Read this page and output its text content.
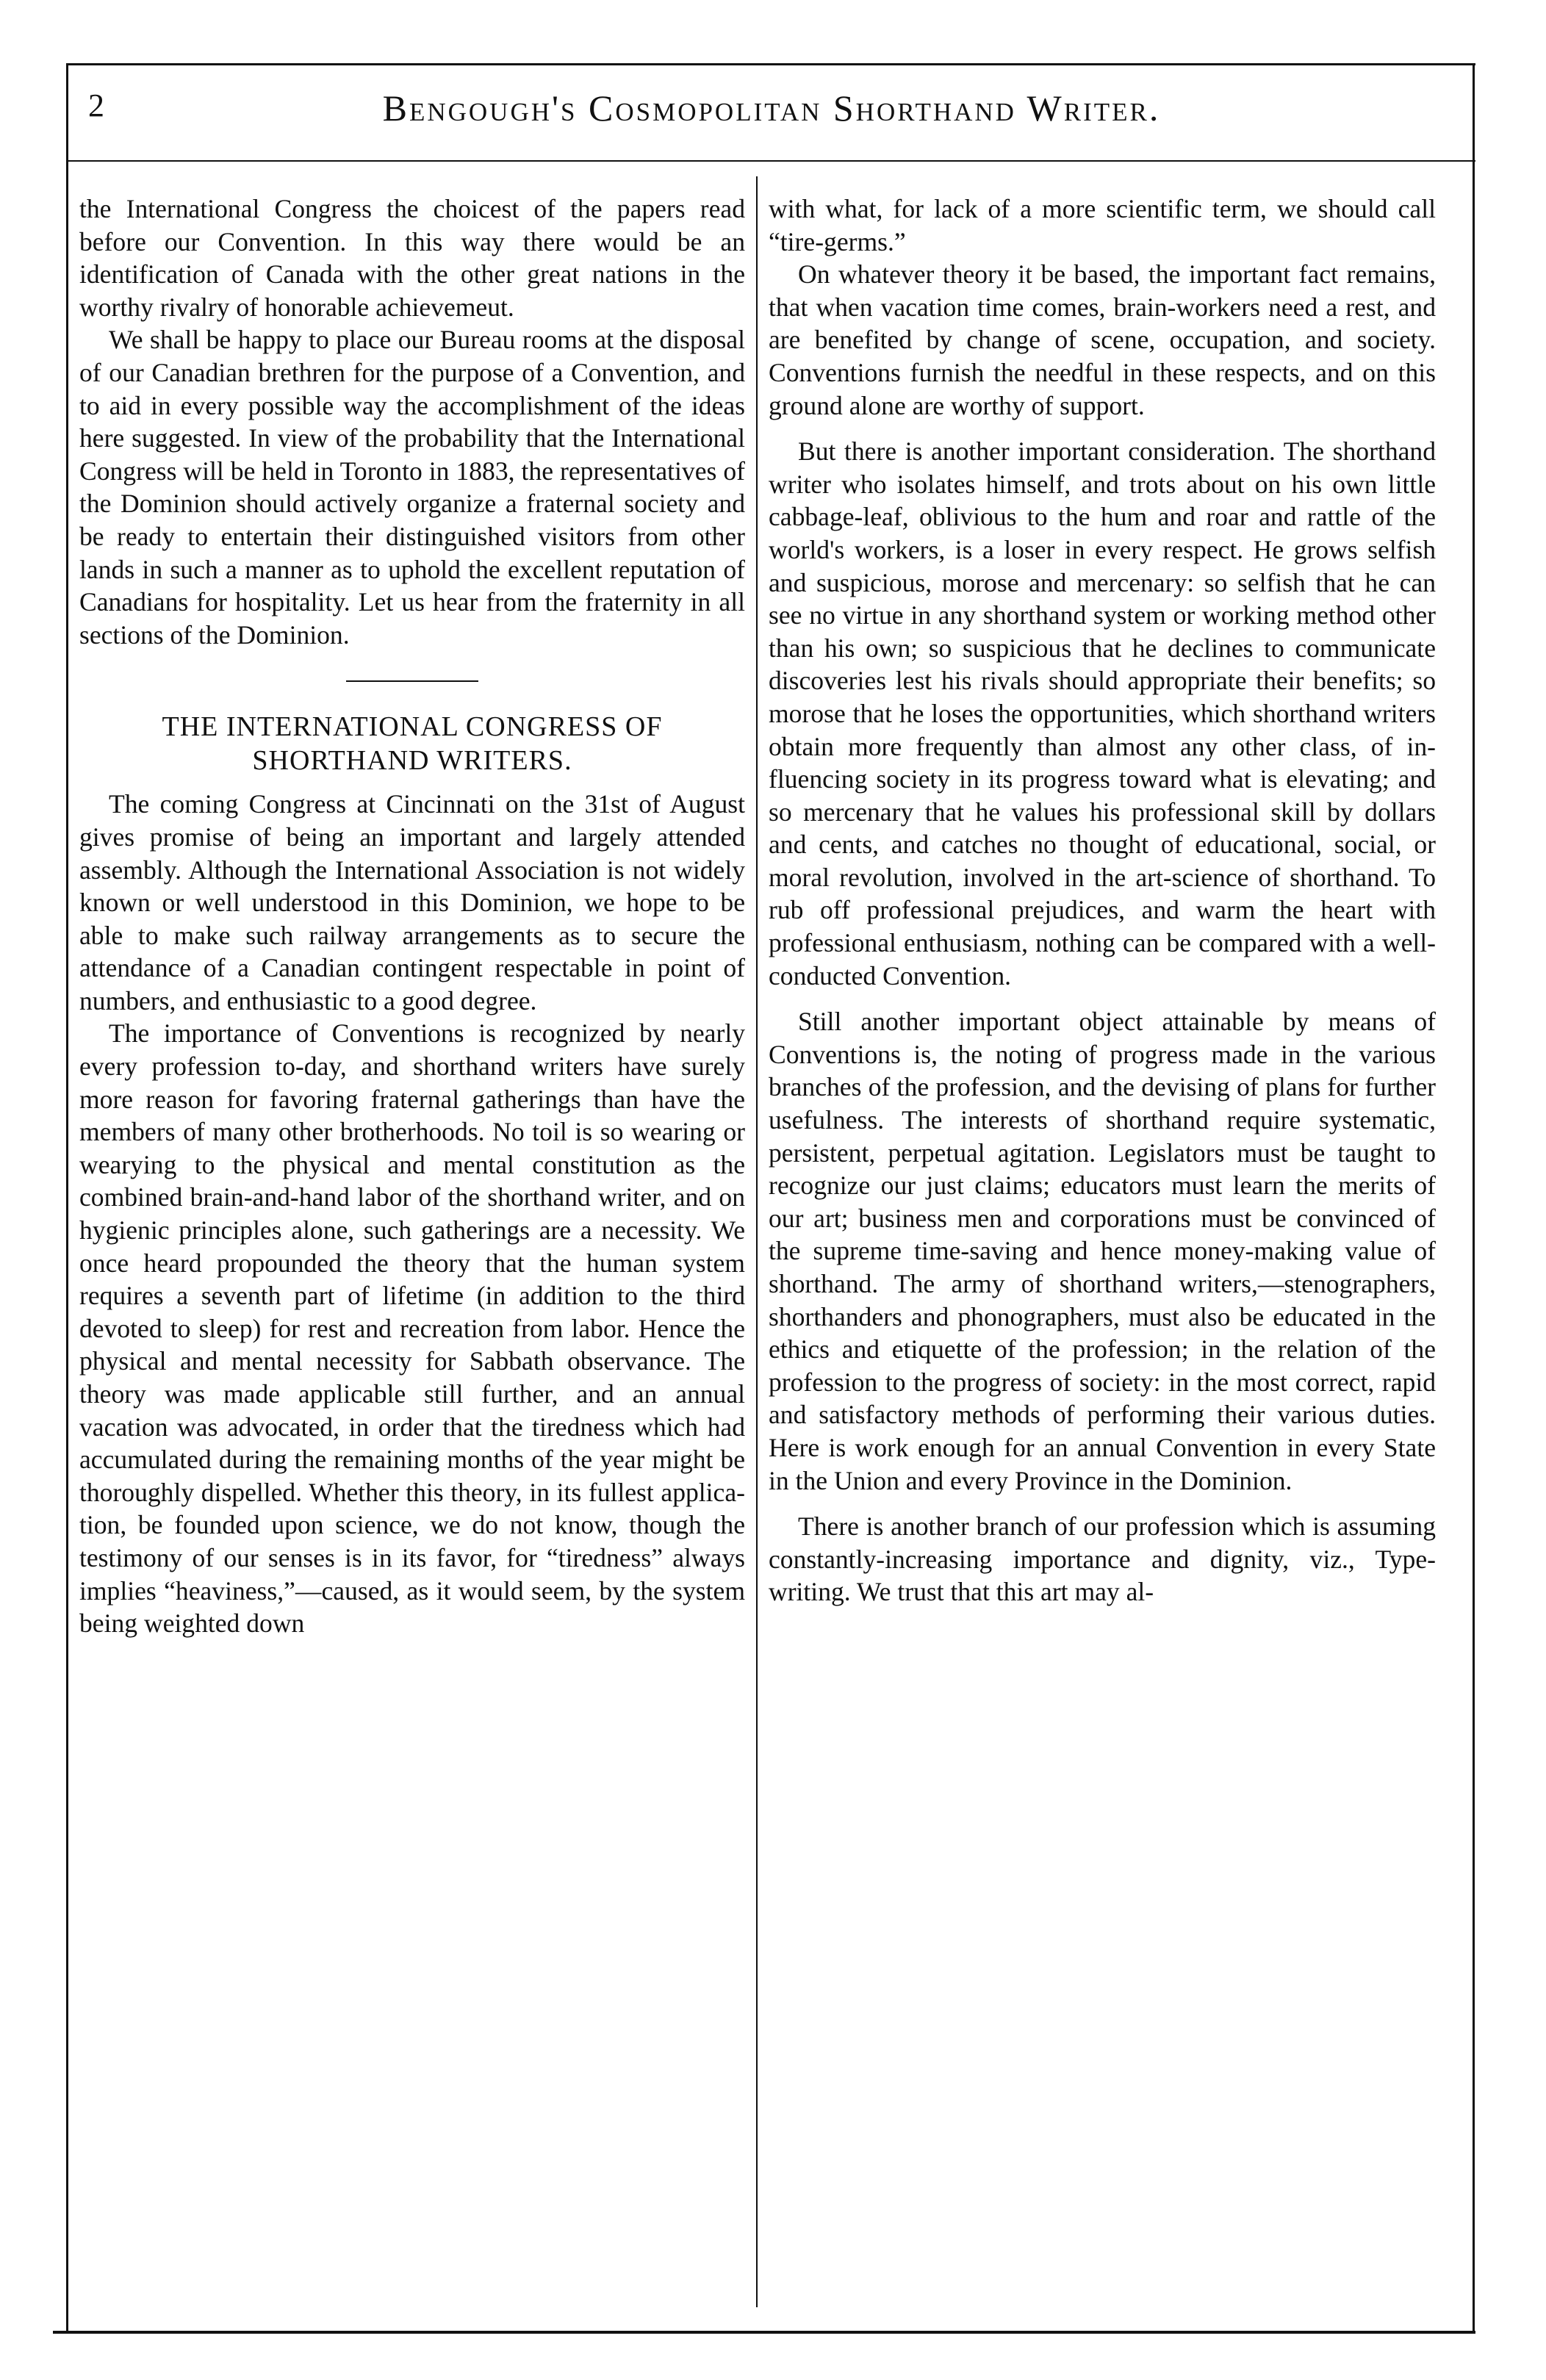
2	Bengough's Cosmopolitan Shorthand Writer.

the International Congress the choicest of the papers read before our Convention. In this way there would be an identification of Canada with the other great nations in the worthy rivalry of honorable achievemeut.

We shall be happy to place our Bureau rooms at the disposal of our Canadian brethren for the purpose of a Convention, and to aid in every possible way the accomplishment of the ideas here suggested. In view of the probability that the International Congress will be held in Toronto in 1883, the representatives of the Dominion should actively organize a fraternal society and be ready to entertain their distinguished visitors from other lands in such a manner as to uphold the excellent reputation of Canadians for hospitality. Let us hear from the fraternity in all sections of the Dominion.

THE INTERNATIONAL CONGRESS OF SHORTHAND WRITERS.

The coming Congress at Cincinnati on the 31st of August gives promise of being an important and largely attended assembly. Although the International Association is not widely known or well understood in this Dominion, we hope to be able to make such railway arrangements as to secure the attendance of a Canadian contingent respectable in point of numbers, and enthusiastic to a good degree.

The importance of Conventions is recognized by nearly every profession to-day, and shorthand writers have surely more reason for favoring fraternal gatherings than have the members of many other brotherhoods. No toil is so wearing or wearying to the physical and mental constitution as the combined brain-and-hand labor of the shorthand writer, and on hygienic principles alone, such gatherings are a necessity. We once heard propounded the theory that the human system requires a seventh part of lifetime (in addition to the third devoted to sleep) for rest and recreation from labor. Hence the physical and mental necessity for Sabbath observance. The theory was made applicable still further, and an annual vacation was advocated, in order that the tiredness which had accumulated during the remaining months of the year might be thoroughly dispelled. Whether this theory, in its fullest application, be founded upon science, we do not know, though the testimony of our senses is in its favor, for “tiredness” always implies “heaviness,”—caused, as it would seem, by the system being weighted down

with what, for lack of a more scientific term, we should call “tire-germs.”

On whatever theory it be based, the important fact remains, that when vacation time comes, brain-workers need a rest, and are benefited by change of scene, occupation, and society. Conventions furnish the needful in these respects, and on this ground alone are worthy of support.

But there is another important consideration. The shorthand writer who isolates himself, and trots about on his own little cabbage-leaf, oblivious to the hum and roar and rattle of the world's workers, is a loser in every respect. He grows selfish and suspicious, morose and mercenary: so selfish that he can see no virtue in any shorthand system or working method other than his own; so suspicious that he declines to communicate discoveries lest his rivals should appropriate their benefits; so morose that he loses the opportunities, which shorthand writers obtain more frequently than almost any other class, of influencing society in its progress toward what is elevating; and so mercenary that he values his professional skill by dollars and cents, and catches no thought of educational, social, or moral revolution, involved in the art-science of shorthand. To rub off professional prejudices, and warm the heart with professional enthusiasm, nothing can be compared with a well-conducted Convention.

Still another important object attainable by means of Conventions is, the noting of progress made in the various branches of the profession, and the devising of plans for further usefulness. The interests of shorthand require systematic, persistent, perpetual agitation. Legislators must be taught to recognize our just claims; educators must learn the merits of our art; business men and corporations must be convinced of the supreme time-saving and hence money-making value of shorthand. The army of shorthand writers,—stenographers, shorthanders and phonographers, must also be educated in the ethics and etiquette of the profession; in the relation of the profession to the progress of society: in the most correct, rapid and satisfactory methods of performing their various duties. Here is work enough for an annual Convention in every State in the Union and every Province in the Dominion.

There is another branch of our profession which is assuming constantly-increasing importance and dignity, viz., Typewriting. We trust that this art may al-
